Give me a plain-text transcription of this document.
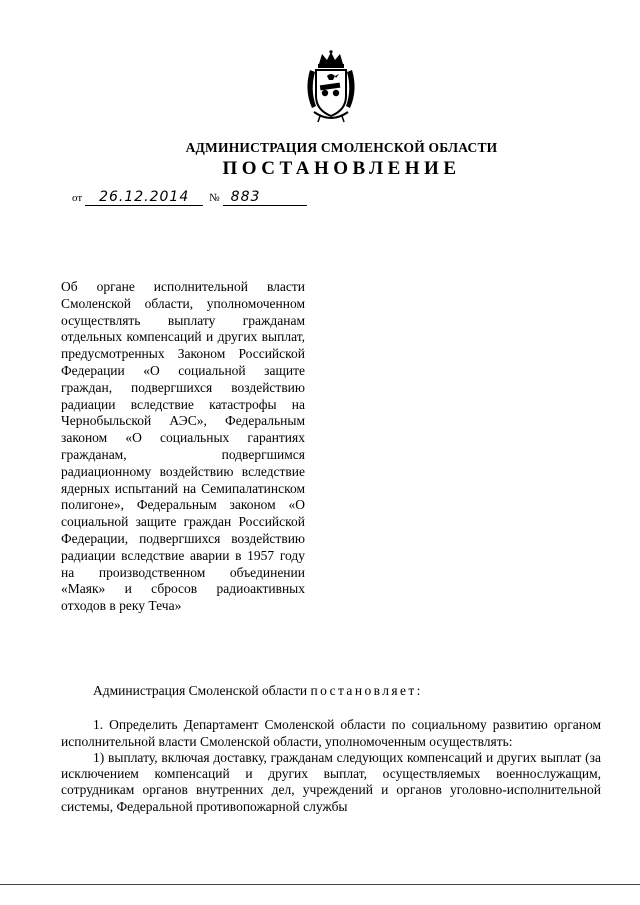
АДМИНИСТРАЦИЯ СМОЛЕНСКОЙ ОБЛАСТИ
ПОСТАНОВЛЕНИЕ
от 26.12.2014 № 883
Об органе исполнительной власти Смоленской области, уполномоченном осуществлять выплату гражданам отдельных компенсаций и других выплат, предусмотренных Законом Российской Федерации «О социальной защите граждан, подвергшихся воздействию радиации вследствие катастрофы на Чернобыльской АЭС», Федеральным законом «О социальных гарантиях гражданам, подвергшимся радиационному воздействию вследствие ядерных испытаний на Семипалатинском полигоне», Федеральным законом «О социальной защите граждан Российской Федерации, подвергшихся воздействию радиации вследствие аварии в 1957 году на производственном объединении «Маяк» и сбросов радиоактивных отходов в реку Теча»

Администрация Смоленской области постановляет:

1. Определить Департамент Смоленской области по социальному развитию органом исполнительной власти Смоленской области, уполномоченным осуществлять:

1) выплату, включая доставку, гражданам следующих компенсаций и других выплат (за исключением компенсаций и других выплат, осуществляемых военнослужащим, сотрудникам органов внутренних дел, учреждений и органов уголовно-исполнительной системы, Федеральной противопожарной службы
